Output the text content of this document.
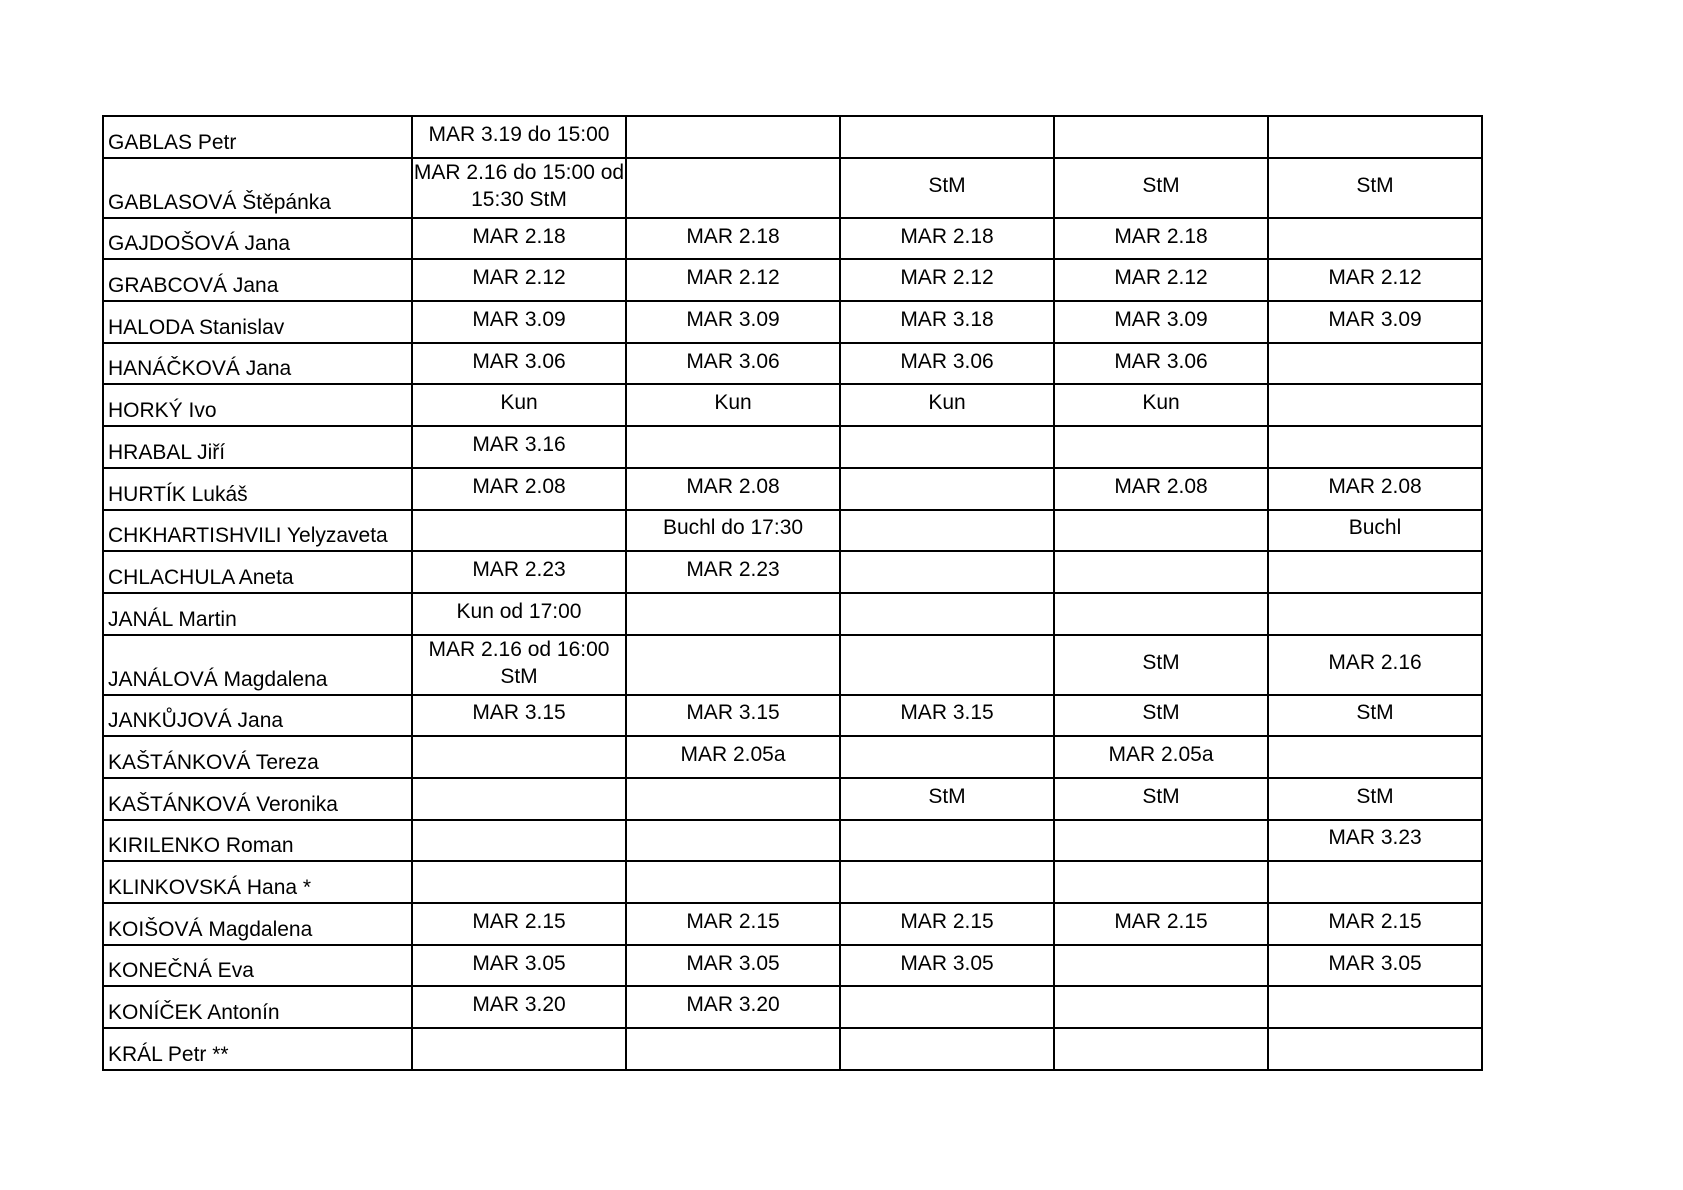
GABLAS Petr	MAR 3.19 do 15:00				
GABLASOVÁ Štěpánka	MAR 2.16 do 15:00 od 15:30 StM		StM	StM	StM
GAJDOŠOVÁ Jana	MAR 2.18	MAR 2.18	MAR 2.18	MAR 2.18	
GRABCOVÁ Jana	MAR 2.12	MAR 2.12	MAR 2.12	MAR 2.12	MAR 2.12
HALODA Stanislav	MAR 3.09	MAR 3.09	MAR 3.18	MAR 3.09	MAR 3.09
HANÁČKOVÁ Jana	MAR 3.06	MAR 3.06	MAR 3.06	MAR 3.06	
HORKÝ Ivo	Kun	Kun	Kun	Kun	
HRABAL Jiří	MAR 3.16				
HURTÍK Lukáš	MAR 2.08	MAR 2.08		MAR 2.08	MAR 2.08
CHKHARTISHVILI Yelyzaveta		Buchl do 17:30			Buchl
CHLACHULA Aneta	MAR 2.23	MAR 2.23			
JANÁL Martin	Kun od 17:00				
JANÁLOVÁ Magdalena	MAR 2.16 od 16:00 StM			StM	MAR 2.16
JANKŮJOVÁ Jana	MAR 3.15	MAR 3.15	MAR 3.15	StM	StM
KAŠTÁNKOVÁ Tereza		MAR 2.05a		MAR 2.05a	
KAŠTÁNKOVÁ Veronika			StM	StM	StM
KIRILENKO Roman					MAR 3.23
KLINKOVSKÁ Hana *					
KOIŠOVÁ Magdalena	MAR 2.15	MAR 2.15	MAR 2.15	MAR 2.15	MAR 2.15
KONEČNÁ Eva	MAR 3.05	MAR 3.05	MAR 3.05		MAR 3.05
KONÍČEK Antonín	MAR 3.20	MAR 3.20			
KRÁL Petr **					
